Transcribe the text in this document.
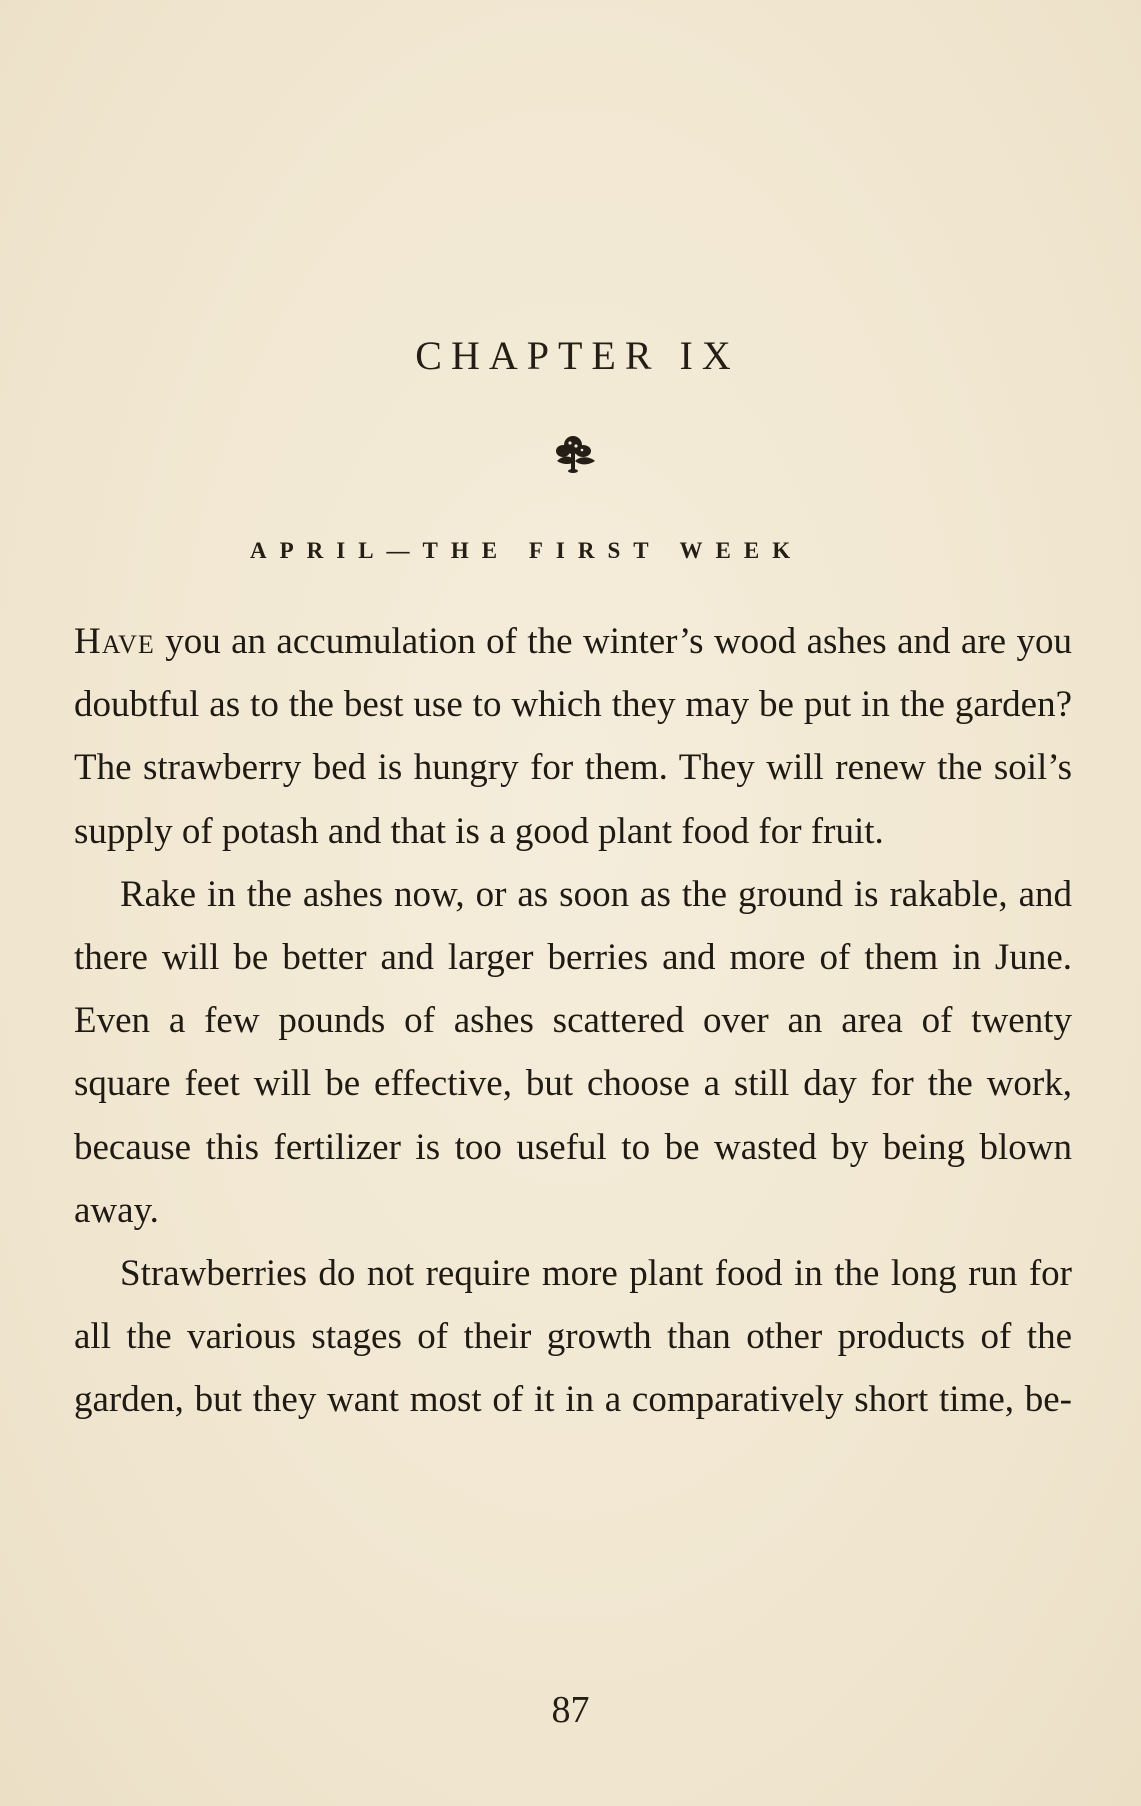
CHAPTER IX
APRIL—THE FIRST WEEK

Have you an accumulation of the winter’s wood ashes and are you doubtful as to the best use to which they may be put in the garden? The strawberry bed is hungry for them. They will renew the soil’s supply of potash and that is a good plant food for fruit.

Rake in the ashes now, or as soon as the ground is rakable, and there will be better and larger berries and more of them in June. Even a few pounds of ashes scattered over an area of twenty square feet will be effective, but choose a still day for the work, because this fertilizer is too useful to be wasted by being blown away.

Strawberries do not require more plant food in the long run for all the various stages of their growth than other products of the garden, but they want most of it in a comparatively short time, be-

87
